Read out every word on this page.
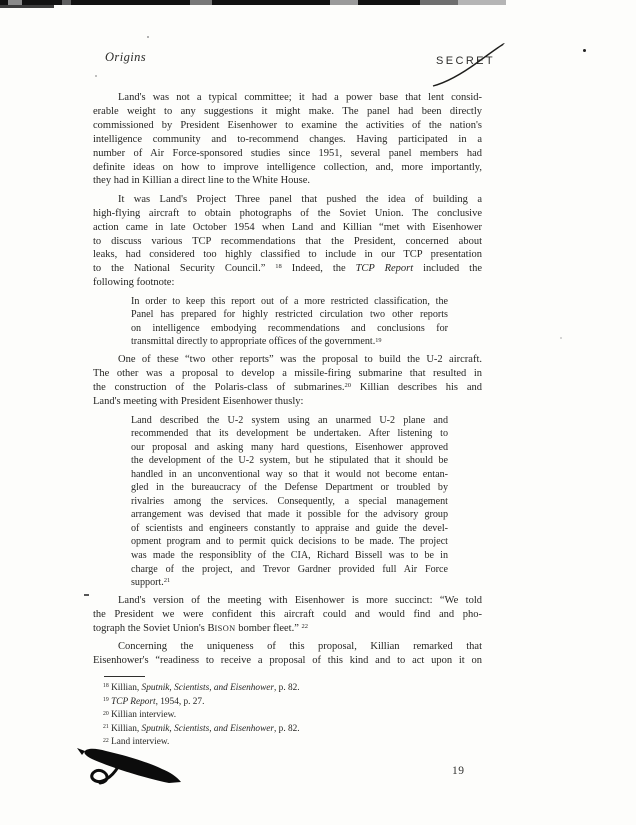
Origins	SECRET
Land's was not a typical committee; it had a power base that lent consid-
erable weight to any suggestions it might make. The panel had been directly
commissioned by President Eisenhower to examine the activities of the nation's
intelligence community and to-recommend changes. Having participated in a
number of Air Force-sponsored studies since 1951, several panel members had
definite ideas on how to improve intelligence collection, and, more importantly,
they had in Killian a direct line to the White House.
It was Land's Project Three panel that pushed the idea of building a
high-flying aircraft to obtain photographs of the Soviet Union. The conclusive
action came in late October 1954 when Land and Killian “met with Eisenhower
to discuss various TCP recommendations that the President, concerned about
leaks, had considered too highly classified to include in our TCP presentation
to the National Security Council.” $^{18}$ Indeed, the TCP Report included the
following footnote:
In order to keep this report out of a more restricted classification, the
Panel has prepared for highly restricted circulation two other reports
on intelligence embodying recommendations and conclusions for
transmittal directly to appropriate offices of the government.$^{19}$
One of these “two other reports” was the proposal to build the U-2 aircraft.
The other was a proposal to develop a missile-firing submarine that resulted in
the construction of the Polaris-class of submarines.$^{20}$ Killian describes his and
Land's meeting with President Eisenhower thusly:
Land described the U-2 system using an unarmed U-2 plane and
recommended that its development be undertaken. After listening to
our proposal and asking many hard questions, Eisenhower approved
the development of the U-2 system, but he stipulated that it should be
handled in an unconventional way so that it would not become entan-
gled in the bureaucracy of the Defense Department or troubled by
rivalries among the services. Consequently, a special management
arrangement was devised that made it possible for the advisory group
of scientists and engineers constantly to appraise and guide the devel-
opment program and to permit quick decisions to be made. The project
was made the responsiblity of the CIA, Richard Bissell was to be in
charge of the project, and Trevor Gardner provided full Air Force
support.$^{21}$
Land's version of the meeting with Eisenhower is more succinct: “We told
the President we were confident this aircraft could and would find and pho-
tograph the Soviet Union's BISON bomber fleet.” $^{22}$
Concerning the uniqueness of this proposal, Killian remarked that
Eisenhower's “readiness to receive a proposal of this kind and to act upon it on
$^{18}$ Killian, Sputnik, Scientists, and Eisenhower, p. 82.
$^{19}$ TCP Report, 1954, p. 27.
$^{20}$ Killian interview.
$^{21}$ Killian, Sputnik, Scientists, and Eisenhower, p. 82.
$^{22}$ Land interview.
19
